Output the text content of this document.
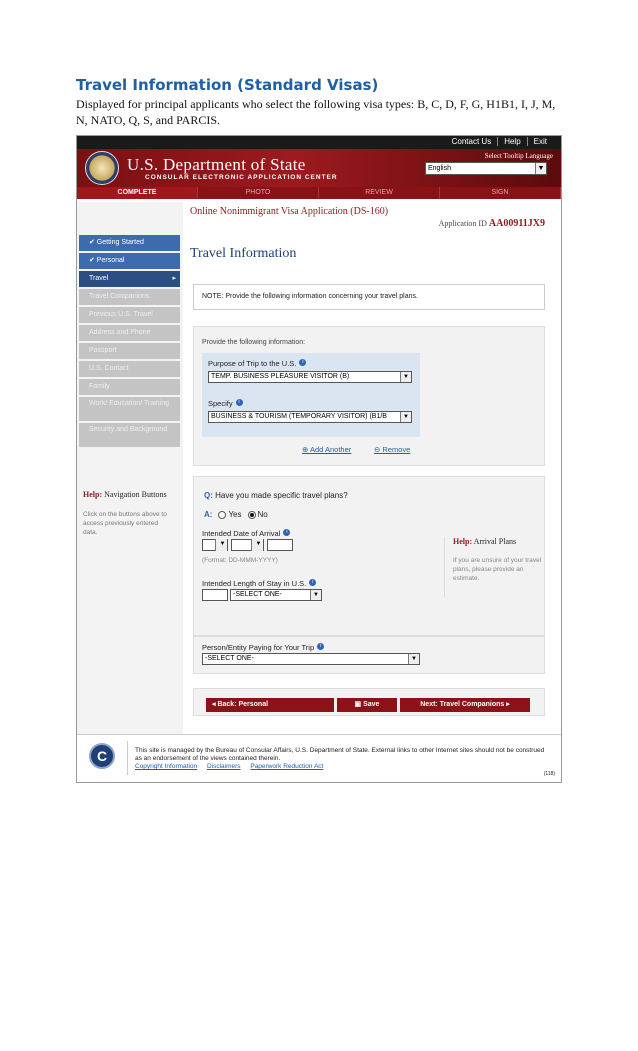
Travel Information (Standard Visas)
Displayed for principal applicants who select the following visa types: B, C, D, F, G, H1B1, I, J, M, N, NATO, Q, S, and PARCIS.
Contact Us Help Exit
U.S. Department of State
CONSULAR ELECTRONIC APPLICATION CENTER
Select Tooltip Language
English	▼
COMPLETE	PHOTO	REVIEW	SIGN
✔ Getting Started
✔ Personal
Travel ▸
Travel Companions
Previous U.S. Travel
Address and Phone
Passport
U.S. Contact
Family
Work/ Education/ Training
Security and Background
Help: Navigation Buttons
Click on the buttons above to access previously entered data.
Online Nonimmigrant Visa Application (DS-160)
Application ID AA00911JX9
Travel Information
NOTE: Provide the following information concerning your travel plans.
Provide the following information:
Purpose of Trip to the U.S. i
TEMP. BUSINESS PLEASURE VISITOR (B)	▼
Specify i
BUSINESS & TOURISM (TEMPORARY VISITOR) (B1/B	▼
⊕ Add Another	⊖ Remove
Q: Have you made specific travel plans?
A: Yes No
Intended Date of Arrival i
▼	▼
(Format: DD-MMM-YYYY)
Intended Length of Stay in U.S. i
-SELECT ONE-	▼
Help: Arrival Plans
If you are unsure of your travel plans, please provide an estimate.
Person/Entity Paying for Your Trip i
-SELECT ONE-	▼
◂ Back: Personal	▣ Save	Next: Travel Companions ▸
C	This site is managed by the Bureau of Consular Affairs, U.S. Department of State. External links to other Internet sites should not be construed as an endorsement of the views contained therein.
Copyright Information Disclaimers Paperwork Reduction Act
(118)
